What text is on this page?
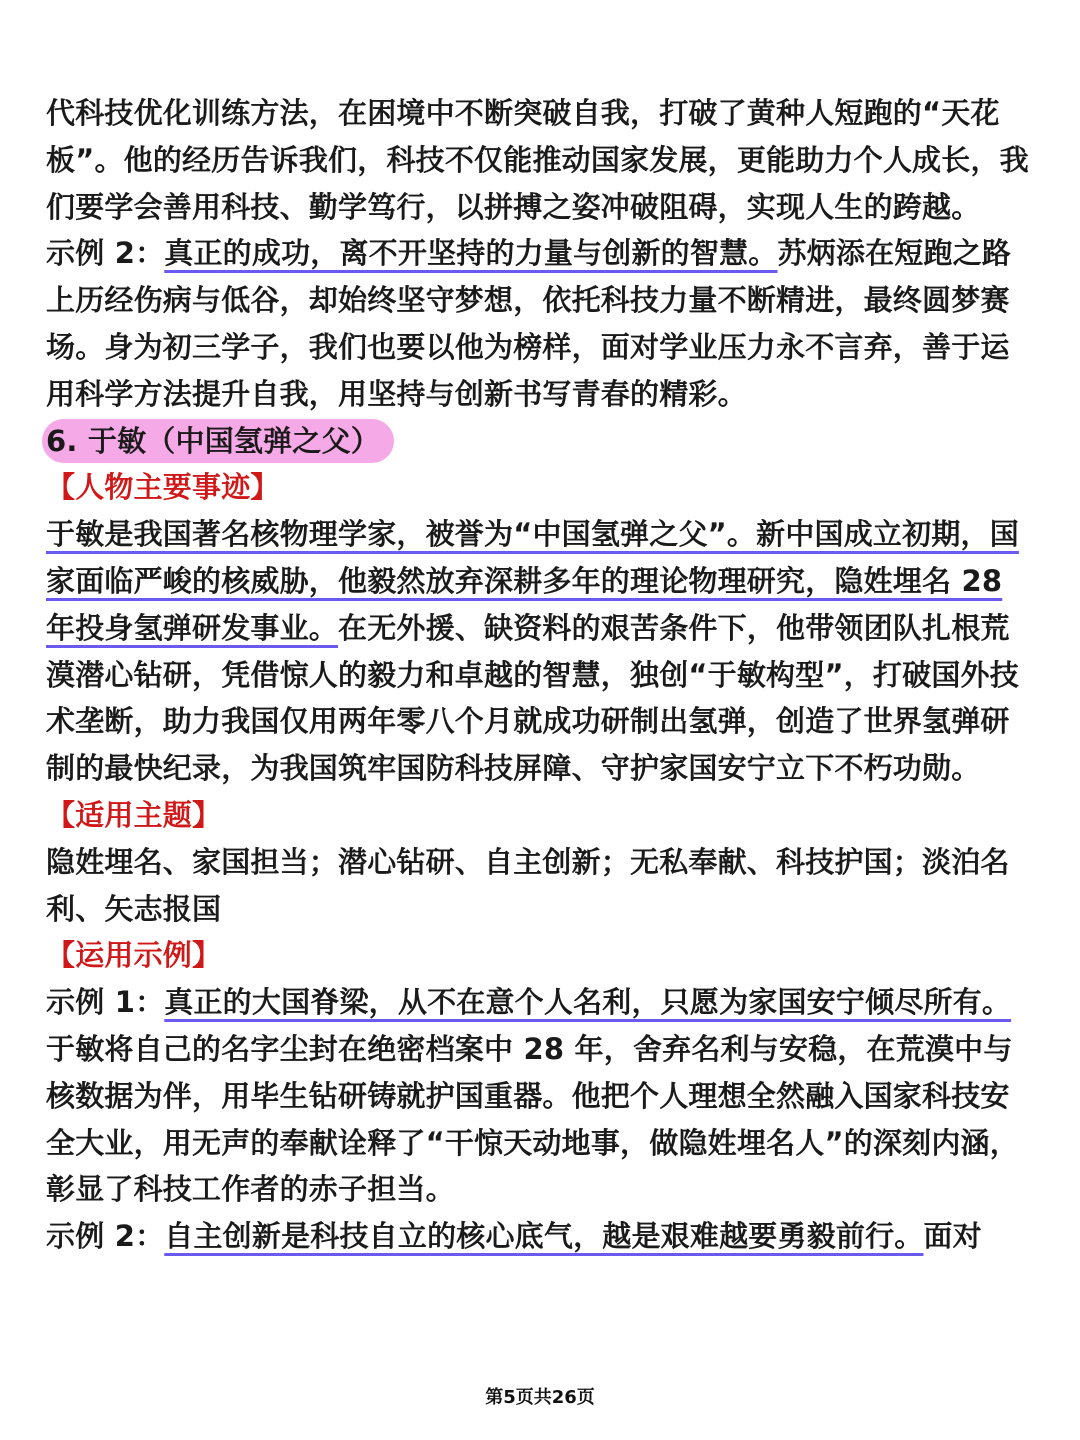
代科技优化训练方法，在困境中不断突破自我，打破了黄种人短跑的“天花板”。他的经历告诉我们，科技不仅能推动国家发展，更能助力个人成长，我们要学会善用科技、勤学笃行，以拼搏之姿冲破阻碍，实现人生的跨越。

示例 2：真正的成功，离不开坚持的力量与创新的智慧。苏炳添在短跑之路上历经伤病与低谷，却始终坚守梦想，依托科技力量不断精进，最终圆梦赛场。身为初三学子，我们也要以他为榜样，面对学业压力永不言弃，善于运用科学方法提升自我，用坚持与创新书写青春的精彩。

6. 于敏（中国氢弹之父）

【人物主要事迹】

于敏是我国著名核物理学家，被誉为“中国氢弹之父”。新中国成立初期，国家面临严峻的核威胁，他毅然放弃深耕多年的理论物理研究，隐姓埋名 28 年投身氢弹研发事业。在无外援、缺资料的艰苦条件下，他带领团队扎根荒漠潜心钻研，凭借惊人的毅力和卓越的智慧，独创“于敏构型”，打破国外技术垄断，助力我国仅用两年零八个月就成功研制出氢弹，创造了世界氢弹研制的最快纪录，为我国筑牢国防科技屏障、守护家国安宁立下不朽功勋。

【适用主题】

隐姓埋名、家国担当；潜心钻研、自主创新；无私奉献、科技护国；淡泊名利、矢志报国

【运用示例】

示例 1：真正的大国脊梁，从不在意个人名利，只愿为家国安宁倾尽所有。于敏将自己的名字尘封在绝密档案中 28 年，舍弃名利与安稳，在荒漠中与核数据为伴，用毕生钻研铸就护国重器。他把个人理想全然融入国家科技安全大业，用无声的奉献诠释了“干惊天动地事，做隐姓埋名人”的深刻内涵，彰显了科技工作者的赤子担当。

示例 2：自主创新是科技自立的核心底气，越是艰难越要勇毅前行。面对

第5页共26页
